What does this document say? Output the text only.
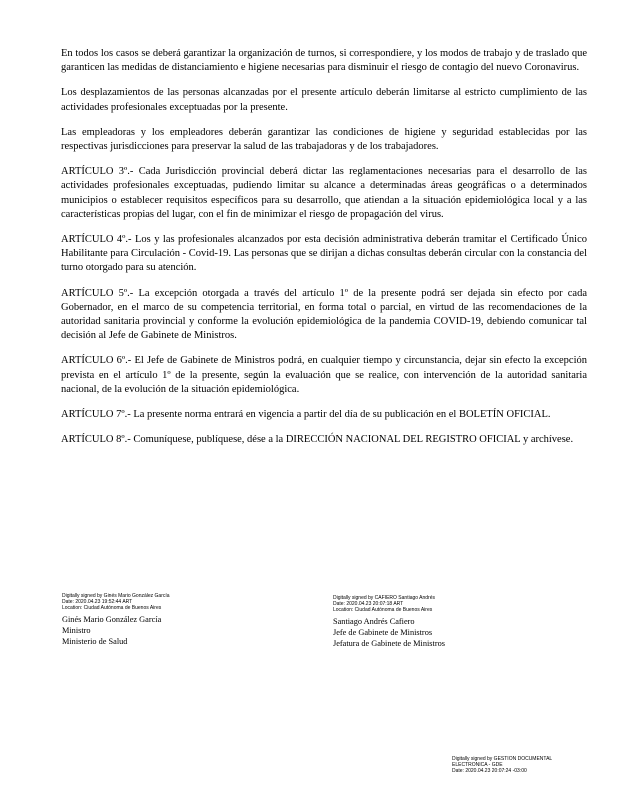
En todos los casos se deberá garantizar la organización de turnos, si correspondiere, y los modos de trabajo y de traslado que garanticen las medidas de distanciamiento e higiene necesarias para disminuir el riesgo de contagio del nuevo Coronavirus.

Los desplazamientos de las personas alcanzadas por el presente artículo deberán limitarse al estricto cumplimiento de las actividades profesionales exceptuadas por la presente.

Las empleadoras y los empleadores deberán garantizar las condiciones de higiene y seguridad establecidas por las respectivas jurisdicciones para preservar la salud de las trabajadoras y de los trabajadores.

ARTÍCULO 3º.- Cada Jurisdicción provincial deberá dictar las reglamentaciones necesarias para el desarrollo de las actividades profesionales exceptuadas, pudiendo limitar su alcance a determinadas áreas geográficas o a determinados municipios o establecer requisitos específicos para su desarrollo, que atiendan a la situación epidemiológica local y a las características propias del lugar, con el fin de minimizar el riesgo de propagación del virus.

ARTÍCULO 4º.- Los y las profesionales alcanzados por esta decisión administrativa deberán tramitar el Certificado Único Habilitante para Circulación - Covid-19. Las personas que se dirijan a dichas consultas deberán circular con la constancia del turno otorgado para su atención.

ARTÍCULO 5º.- La excepción otorgada a través del artículo 1º de la presente podrá ser dejada sin efecto por cada Gobernador, en el marco de su competencia territorial, en forma total o parcial, en virtud de las recomendaciones de la autoridad sanitaria provincial y conforme la evolución epidemiológica de la pandemia COVID-19, debiendo comunicar tal decisión al Jefe de Gabinete de Ministros.

ARTÍCULO 6º.- El Jefe de Gabinete de Ministros podrá, en cualquier tiempo y circunstancia, dejar sin efecto la excepción prevista en el artículo 1º de la presente, según la evaluación que se realice, con intervención de la autoridad sanitaria nacional, de la evolución de la situación epidemiológica.

ARTÍCULO 7º.- La presente norma entrará en vigencia a partir del día de su publicación en el BOLETÍN OFICIAL.

ARTÍCULO 8º.- Comuníquese, publíquese, dése a la DIRECCIÓN NACIONAL DEL REGISTRO OFICIAL y archívese.

Digitally signed by Ginés Mario González García
Date: 2020.04.23 19:52:44 ART
Location: Ciudad Autónoma de Buenos Aires
Ginés Mario González García
Ministro
Ministerio de Salud
Digitally signed by CAFIERO Santiago Andrés
Date: 2020.04.23 20:07:18 ART
Location: Ciudad Autónoma de Buenos Aires
Santiago Andrés Cafiero
Jefe de Gabinete de Ministros
Jefatura de Gabinete de Ministros
Digitally signed by GESTION DOCUMENTAL
ELECTRONICA - GDE
Date: 2020.04.23 20:07:24 -03:00
